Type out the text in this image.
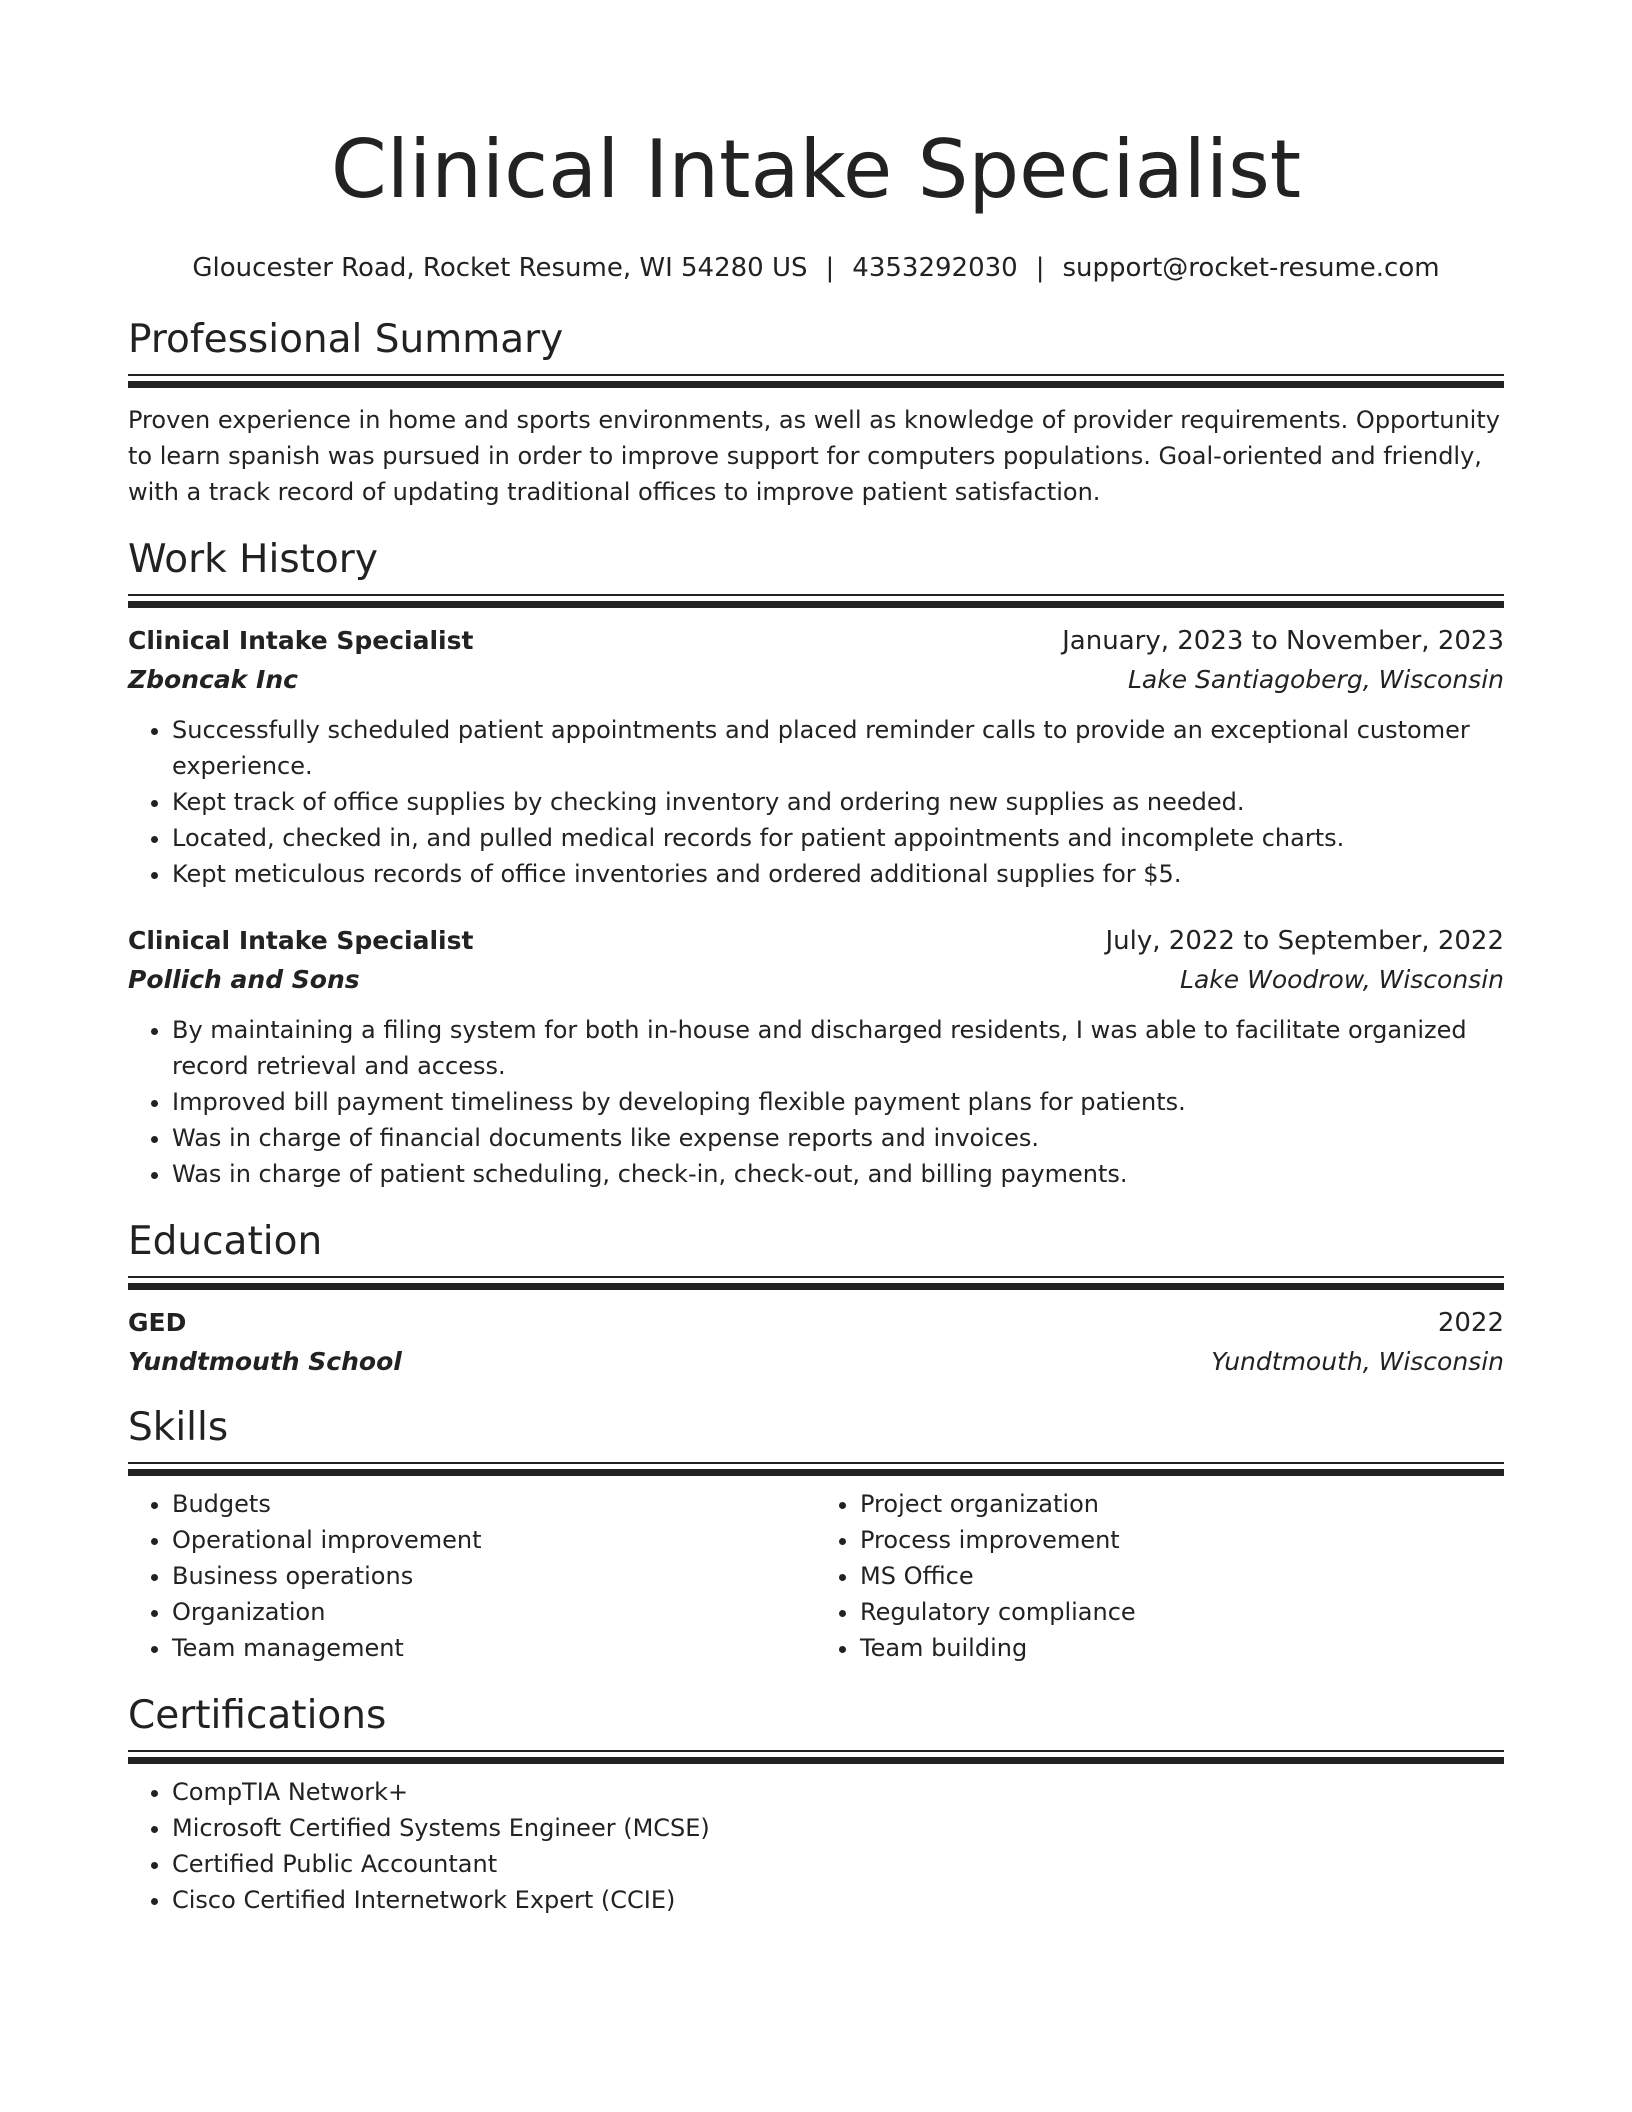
Clinical Intake Specialist
Gloucester Road, Rocket Resume, WI 54280 US | 4353292030 | support@rocket-resume.com
Professional Summary

Proven experience in home and sports environments, as well as knowledge of provider requirements. Opportunity to learn spanish was pursued in order to improve support for computers populations. Goal-oriented and friendly, with a track record of updating traditional offices to improve patient satisfaction.

Work History
Clinical Intake Specialist	January, 2023 to November, 2023
Zboncak Inc	Lake Santiagoberg, Wisconsin
• Successfully scheduled patient appointments and placed reminder calls to provide an exceptional customer experience.
• Kept track of office supplies by checking inventory and ordering new supplies as needed.
• Located, checked in, and pulled medical records for patient appointments and incomplete charts.
• Kept meticulous records of office inventories and ordered additional supplies for $5.
Clinical Intake Specialist	July, 2022 to September, 2022
Pollich and Sons	Lake Woodrow, Wisconsin
• By maintaining a filing system for both in-house and discharged residents, I was able to facilitate organized record retrieval and access.
• Improved bill payment timeliness by developing flexible payment plans for patients.
• Was in charge of financial documents like expense reports and invoices.
• Was in charge of patient scheduling, check-in, check-out, and billing payments.
Education
GED	2022
Yundtmouth School	Yundtmouth, Wisconsin
Skills
• Budgets
• Operational improvement
• Business operations
• Organization
• Team management
• Project organization
• Process improvement
• MS Office
• Regulatory compliance
• Team building
Certifications
• CompTIA Network+
• Microsoft Certified Systems Engineer (MCSE)
• Certified Public Accountant
• Cisco Certified Internetwork Expert (CCIE)
